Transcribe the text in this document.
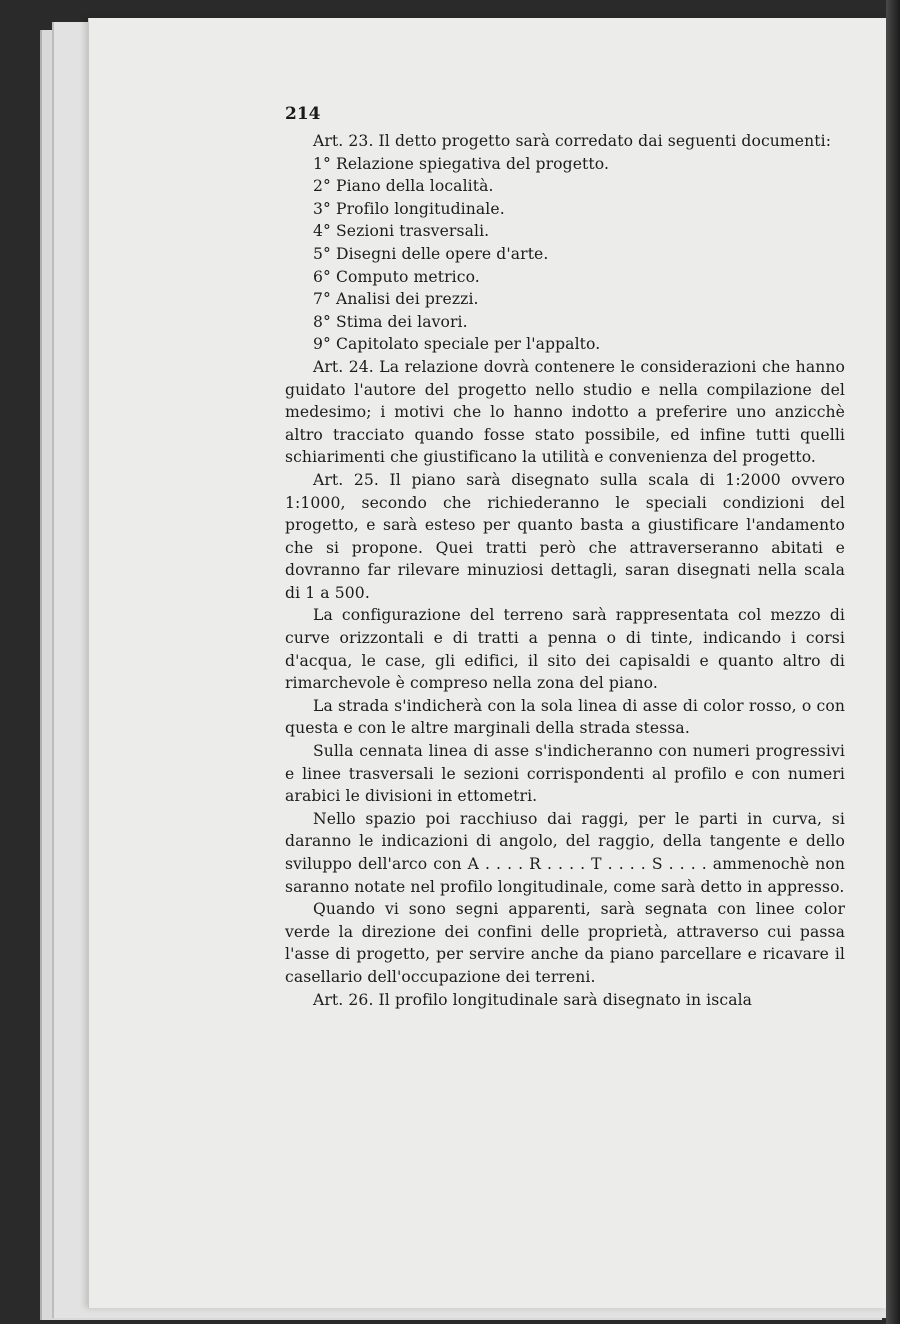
214

Art. 23. Il detto progetto sarà corredato dai seguenti documenti:

1° Relazione spiegativa del progetto.

2° Piano della località.

3° Profilo longitudinale.

4° Sezioni trasversali.

5° Disegni delle opere d'arte.

6° Computo metrico.

7° Analisi dei prezzi.

8° Stima dei lavori.

9° Capitolato speciale per l'appalto.

Art. 24. La relazione dovrà contenere le considerazioni che hanno guidato l'autore del progetto nello studio e nella compilazione del medesimo; i motivi che lo hanno indotto a preferire uno anzicchè altro tracciato quando fosse stato possibile, ed infine tutti quelli schiarimenti che giustificano la utilità e convenienza del progetto.

Art. 25. Il piano sarà disegnato sulla scala di 1:2000 ovvero 1:1000, secondo che richiederanno le speciali condizioni del progetto, e sarà esteso per quanto basta a giustificare l'andamento che si propone. Quei tratti però che attraverseranno abitati e dovranno far rilevare minuziosi dettagli, saran disegnati nella scala di 1 a 500.

La configurazione del terreno sarà rappresentata col mezzo di curve orizzontali e di tratti a penna o di tinte, indicando i corsi d'acqua, le case, gli edifici, il sito dei capisaldi e quanto altro di rimarchevole è compreso nella zona del piano.

La strada s'indicherà con la sola linea di asse di color rosso, o con questa e con le altre marginali della strada stessa.

Sulla cennata linea di asse s'indicheranno con numeri progressivi e linee trasversali le sezioni corrispondenti al profilo e con numeri arabici le divisioni in ettometri.

Nello spazio poi racchiuso dai raggi, per le parti in curva, si daranno le indicazioni di angolo, del raggio, della tangente e dello sviluppo dell'arco con A . . . . R . . . . T . . . . S . . . . ammenochè non saranno notate nel profilo longitudinale, come sarà detto in appresso.

Quando vi sono segni apparenti, sarà segnata con linee color verde la direzione dei confini delle proprietà, attraverso cui passa l'asse di progetto, per servire anche da piano parcellare e ricavare il casellario dell'occupazione dei terreni.

Art. 26. Il profilo longitudinale sarà disegnato in iscala
